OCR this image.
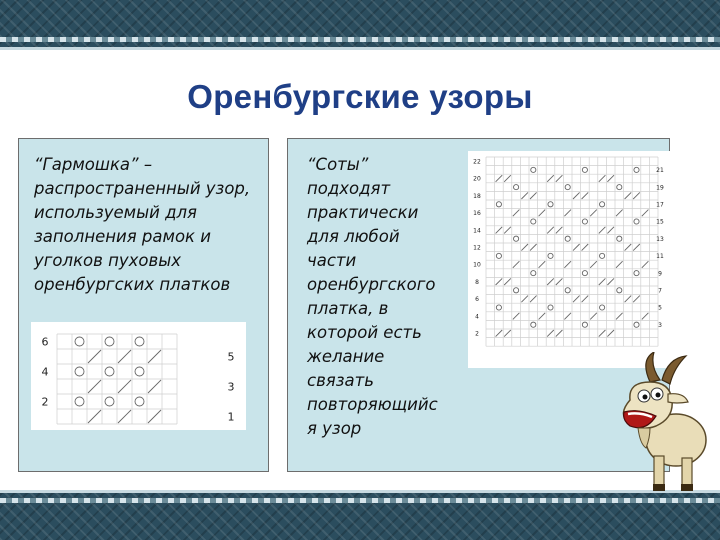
Оренбургские узоры

“Гармошка” –
распространенный узор,
используемый для
заполнения рамок и
уголков пуховых
оренбургских платков

2
4
6
1
3
5

“Соты”
подходят
практически
для любой
части
оренбургского
платка, в
которой есть
желание
связать
повторяющийс
я узор

2
4
6
8
10
12
14
16
18
20
22
3
5
7
9
11
13
15
17
19
21
